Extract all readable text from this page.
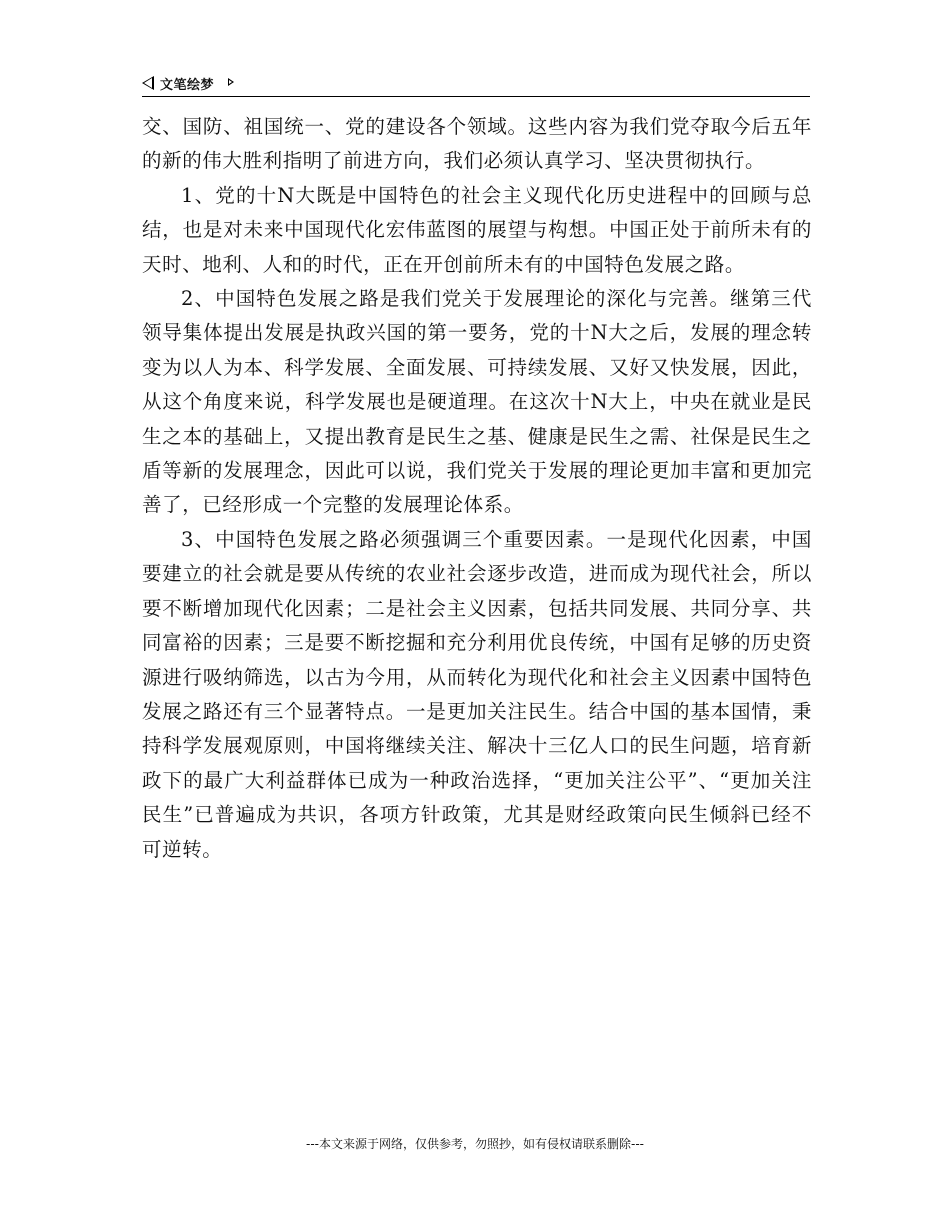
文笔绘梦

交、国防、祖国统一、党的建设各个领域。这些内容为我们党夺取今后五年的新的伟大胜利指明了前进方向，我们必须认真学习、坚决贯彻执行。

1、党的十N大既是中国特色的社会主义现代化历史进程中的回顾与总结，也是对未来中国现代化宏伟蓝图的展望与构想。中国正处于前所未有的天时、地利、人和的时代，正在开创前所未有的中国特色发展之路。

2、中国特色发展之路是我们党关于发展理论的深化与完善。继第三代领导集体提出发展是执政兴国的第一要务，党的十N大之后，发展的理念转变为以人为本、科学发展、全面发展、可持续发展、又好又快发展，因此，从这个角度来说，科学发展也是硬道理。在这次十N大上，中央在就业是民生之本的基础上，又提出教育是民生之基、健康是民生之需、社保是民生之盾等新的发展理念，因此可以说，我们党关于发展的理论更加丰富和更加完善了，已经形成一个完整的发展理论体系。

3、中国特色发展之路必须强调三个重要因素。一是现代化因素，中国要建立的社会就是要从传统的农业社会逐步改造，进而成为现代社会，所以要不断增加现代化因素；二是社会主义因素，包括共同发展、共同分享、共同富裕的因素；三是要不断挖掘和充分利用优良传统，中国有足够的历史资源进行吸纳筛选，以古为今用，从而转化为现代化和社会主义因素中国特色发展之路还有三个显著特点。一是更加关注民生。结合中国的基本国情，秉持科学发展观原则，中国将继续关注、解决十三亿人口的民生问题，培育新政下的最广大利益群体已成为一种政治选择，“更加关注公平”、“更加关注民生”已普遍成为共识，各项方针政策，尤其是财经政策向民生倾斜已经不可逆转。

---本文来源于网络，仅供参考，勿照抄，如有侵权请联系删除---
